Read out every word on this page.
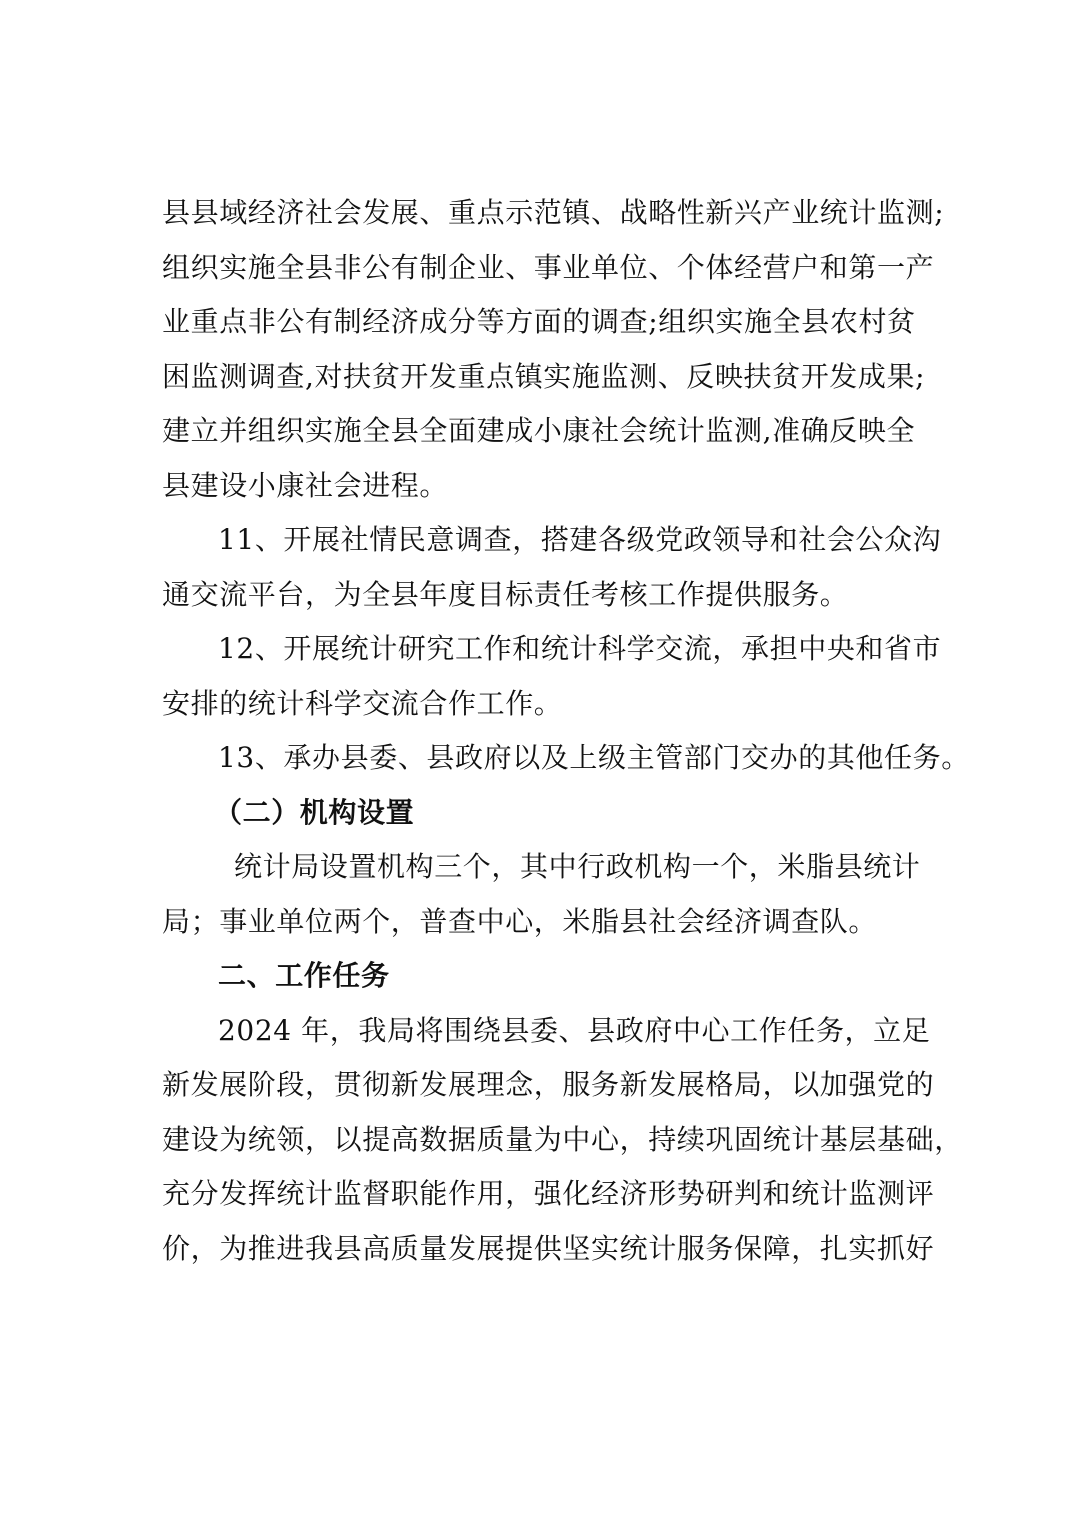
县县域经济社会发展、重点示范镇、战略性新兴产业统计监测;
组织实施全县非公有制企业、事业单位、个体经营户和第一产
业重点非公有制经济成分等方面的调查;组织实施全县农村贫
困监测调查,对扶贫开发重点镇实施监测、反映扶贫开发成果;
建立并组织实施全县全面建成小康社会统计监测,准确反映全
县建设小康社会进程。
11、开展社情民意调查，搭建各级党政领导和社会公众沟
通交流平台，为全县年度目标责任考核工作提供服务。
12、开展统计研究工作和统计科学交流，承担中央和省市
安排的统计科学交流合作工作。
13、承办县委、县政府以及上级主管部门交办的其他任务。
（二）机构设置
统计局设置机构三个，其中行政机构一个，米脂县统计
局；事业单位两个，普查中心，米脂县社会经济调查队。
二、工作任务
2024 年，我局将围绕县委、县政府中心工作任务，立足
新发展阶段，贯彻新发展理念，服务新发展格局，以加强党的
建设为统领，以提高数据质量为中心，持续巩固统计基层基础，
充分发挥统计监督职能作用，强化经济形势研判和统计监测评
价，为推进我县高质量发展提供坚实统计服务保障，扎实抓好
